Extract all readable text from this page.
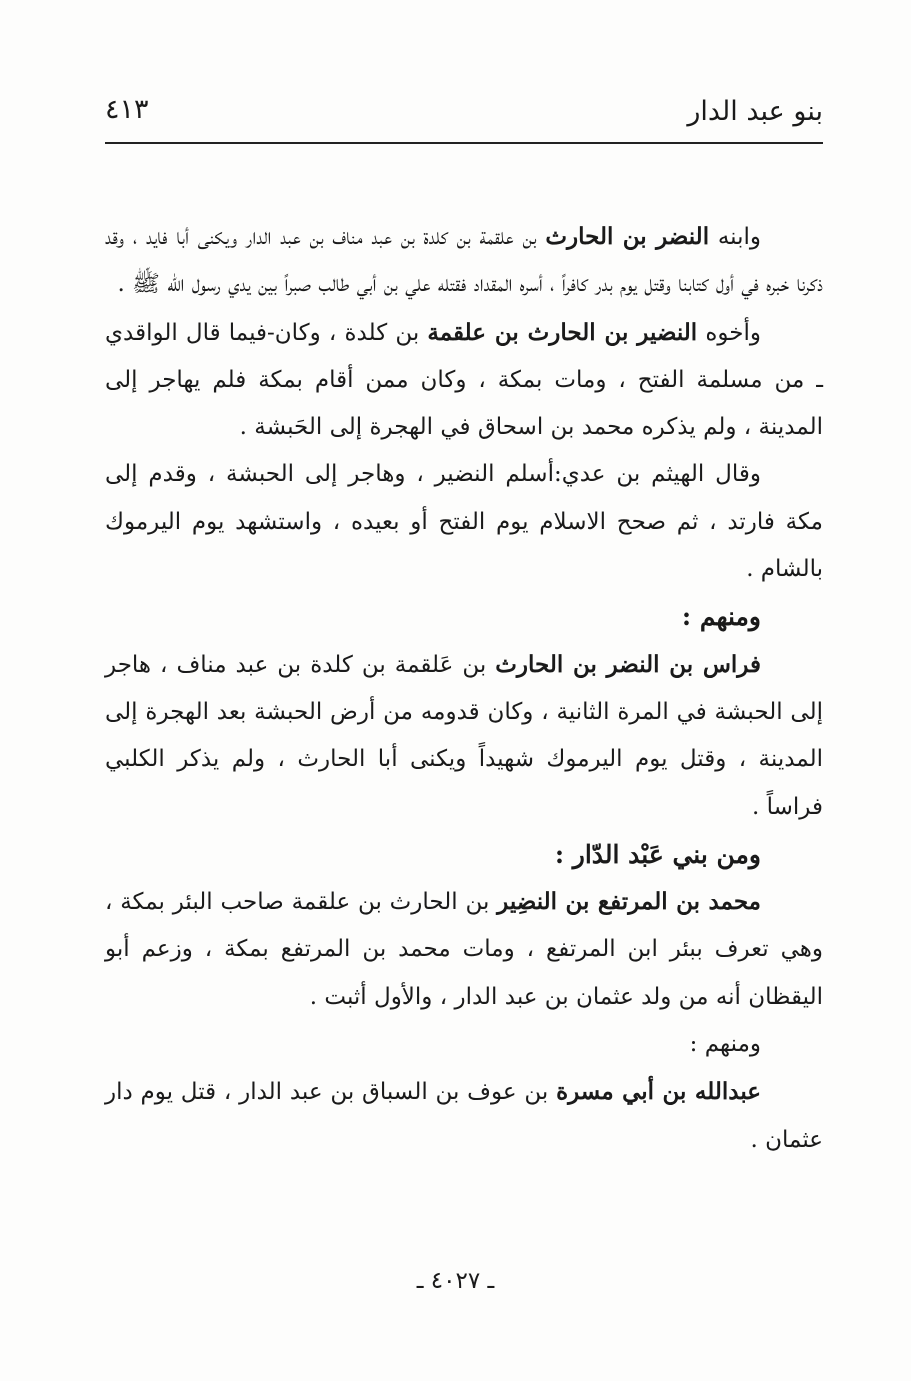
بنو عبد الدار
٤١٣

وابنه النضر بن الحارث بن علقمة بن كلدة بن عبد مناف بن عبد الدار ويكنى أبا فايد ، وقد ذكرنا خبره في أول كتابنا وقتل يوم بدر كافراً ، أسره المقداد فقتله علي بن أبي طالب صبراً بين يدي رسول الله ﷺ .

وأخوه النضير بن الحارث بن علقمة بن كلدة ، وكان-فيما قال الواقدي ـ من مسلمة الفتح ، ومات بمكة ، وكان ممن أقام بمكة فلم يهاجر إلى المدينة ، ولم يذكره محمد بن اسحاق في الهجرة إلى الحَبشة .

وقال الهيثم بن عدي:أسلم النضير ، وهاجر إلى الحبشة ، وقدم إلى مكة فارتد ، ثم صحح الاسلام يوم الفتح أو بعيده ، واستشهد يوم اليرموك بالشام .

ومنهم :

فراس بن النضر بن الحارث بن عَلقمة بن كلدة بن عبد مناف ، هاجر إلى الحبشة في المرة الثانية ، وكان قدومه من أرض الحبشة بعد الهجرة إلى المدينة ، وقتل يوم اليرموك شهيداً ويكنى أبا الحارث ، ولم يذكر الكلبي فراساً .

ومن بني عَبْد الدّار :

محمد بن المرتفع بن النضِير بن الحارث بن علقمة صاحب البئر بمكة ، وهي تعرف ببئر ابن المرتفع ، ومات محمد بن المرتفع بمكة ، وزعم أبو اليقظان أنه من ولد عثمان بن عبد الدار ، والأول أثبت .

ومنهم :

عبدالله بن أبي مسرة بن عوف بن السباق بن عبد الدار ، قتل يوم دار عثمان .

ـ ٤٠٢٧ ـ
